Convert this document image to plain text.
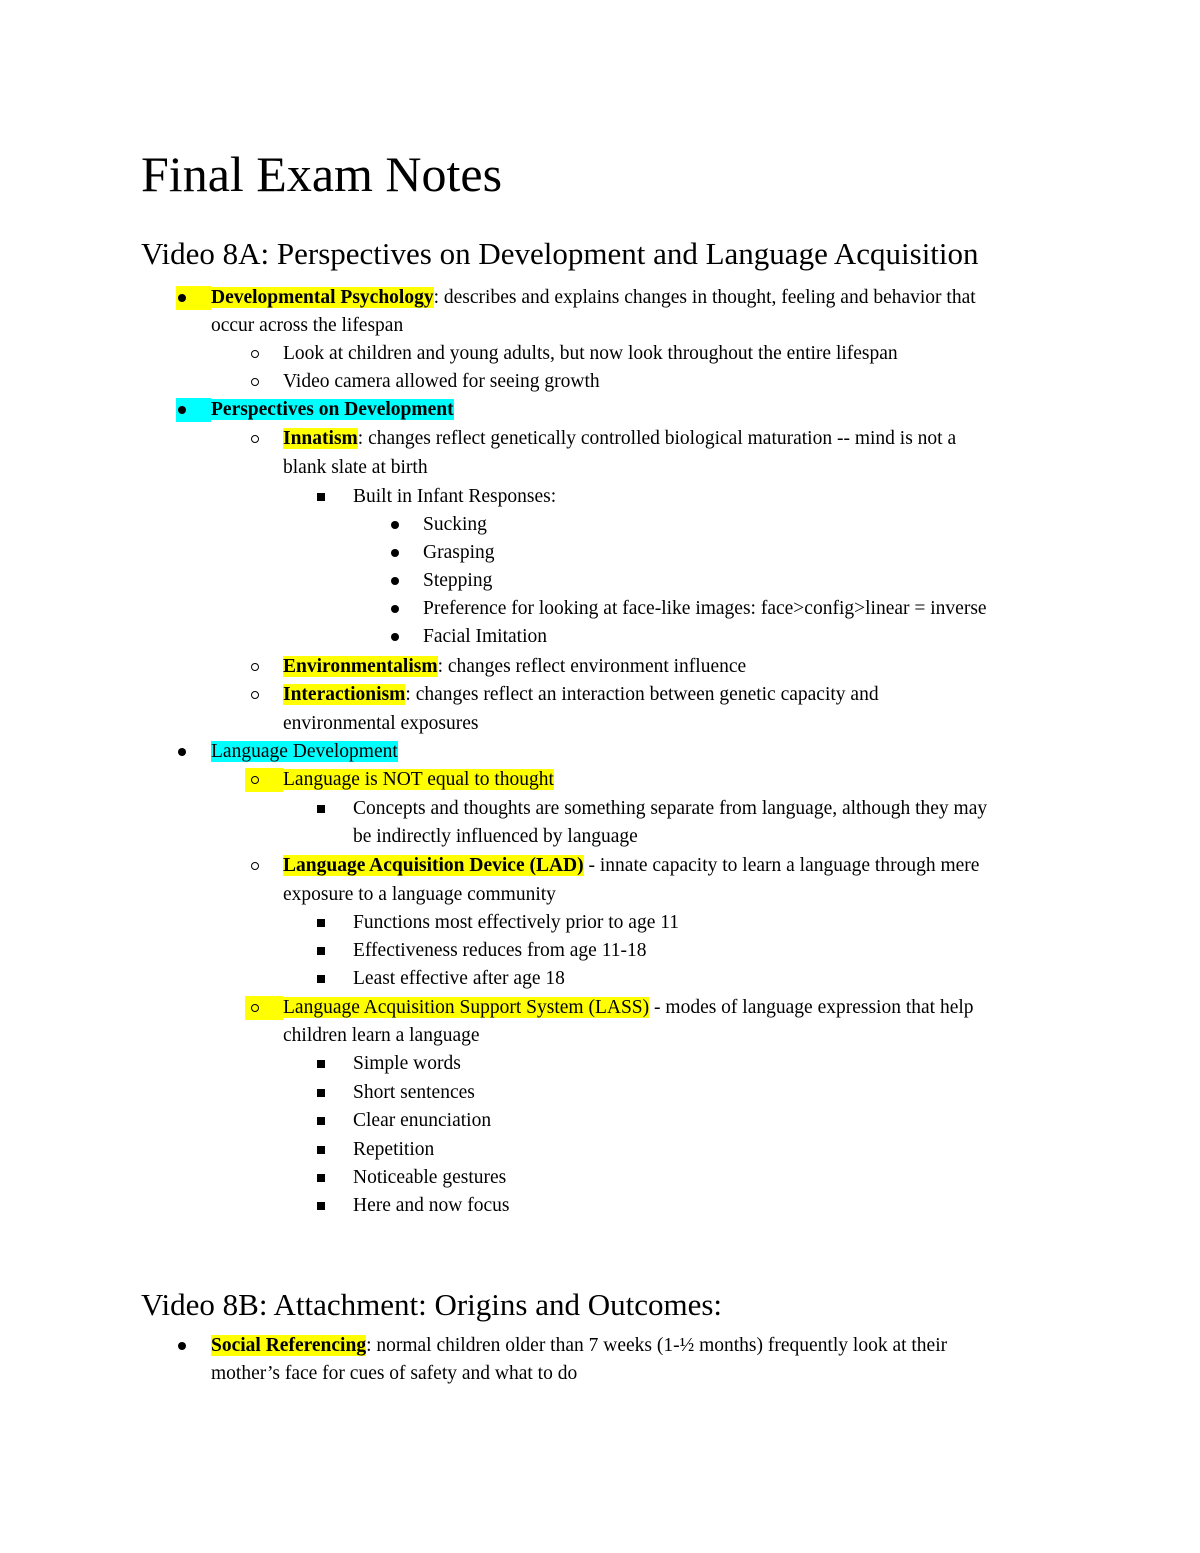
Final Exam Notes
Video 8A: Perspectives on Development and Language Acquisition
Developmental Psychology: describes and explains changes in thought, feeling and behavior that
occur across the lifespan
Look at children and young adults, but now look throughout the entire lifespan
Video camera allowed for seeing growth
Perspectives on Development
Innatism: changes reflect genetically controlled biological maturation -- mind is not a
blank slate at birth
Built in Infant Responses:
Sucking
Grasping
Stepping
Preference for looking at face-like images: face>config>linear = inverse
Facial Imitation
Environmentalism: changes reflect environment influence
Interactionism: changes reflect an interaction between genetic capacity and
environmental exposures
Language Development
Language is NOT equal to thought
Concepts and thoughts are something separate from language, although they may
be indirectly influenced by language
Language Acquisition Device (LAD) - innate capacity to learn a language through mere
exposure to a language community
Functions most effectively prior to age 11
Effectiveness reduces from age 11-18
Least effective after age 18
Language Acquisition Support System (LASS) - modes of language expression that help
children learn a language
Simple words
Short sentences
Clear enunciation
Repetition
Noticeable gestures
Here and now focus
Video 8B: Attachment: Origins and Outcomes:
Social Referencing: normal children older than 7 weeks (1-½ months) frequently look at their
mother’s face for cues of safety and what to do
